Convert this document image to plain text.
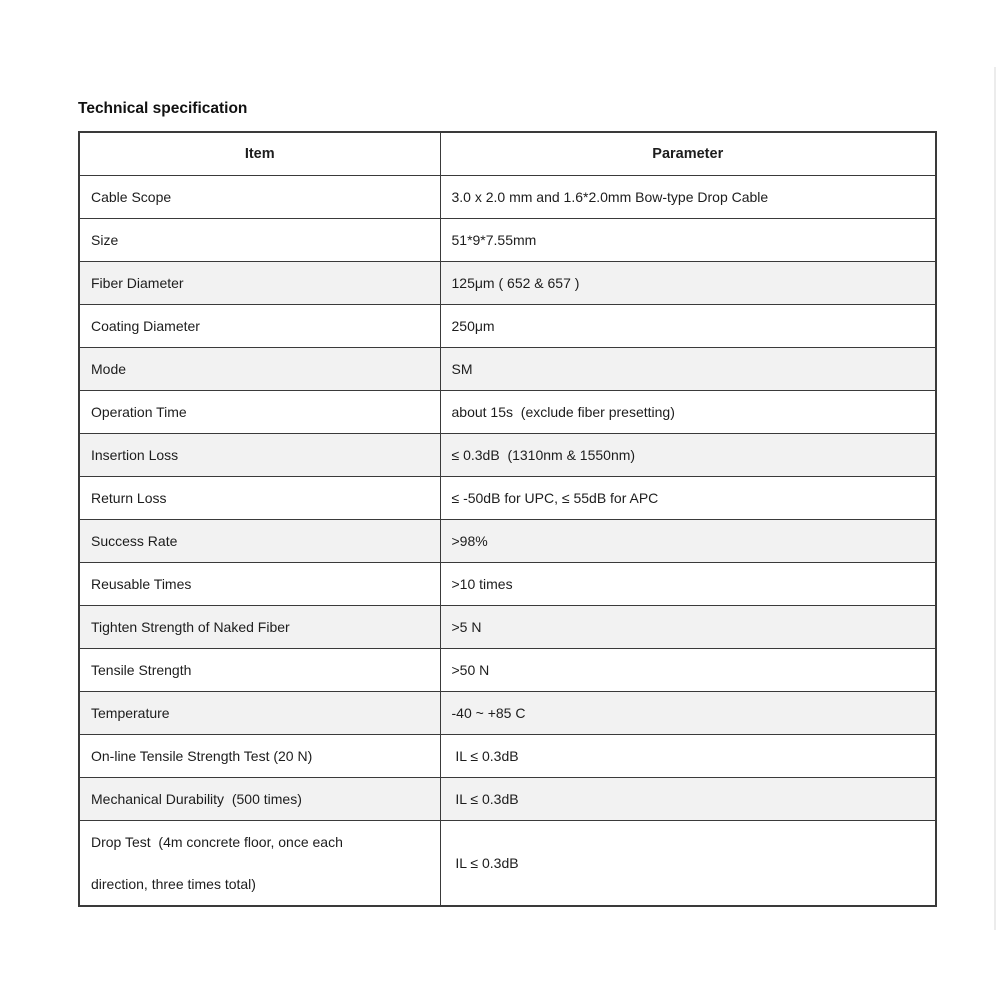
Technical specification
Item	Parameter
Cable Scope	3.0 x 2.0 mm and 1.6*2.0mm Bow-type Drop Cable
Size	51*9*7.55mm
Fiber Diameter	125μm ( 652 & 657 )
Coating Diameter	250μm
Mode	SM
Operation Time	about 15s  (exclude fiber presetting)
Insertion Loss	≤ 0.3dB  (1310nm & 1550nm)
Return Loss	≤ -50dB for UPC, ≤ 55dB for APC
Success Rate	>98%
Reusable Times	>10 times
Tighten Strength of Naked Fiber	>5 N
Tensile Strength	>50 N
Temperature	-40 ~ +85 C
On-line Tensile Strength Test (20 N)	IL ≤ 0.3dB
Mechanical Durability  (500 times)	IL ≤ 0.3dB
Drop Test  (4m concrete floor, once each direction, three times total)	IL ≤ 0.3dB
